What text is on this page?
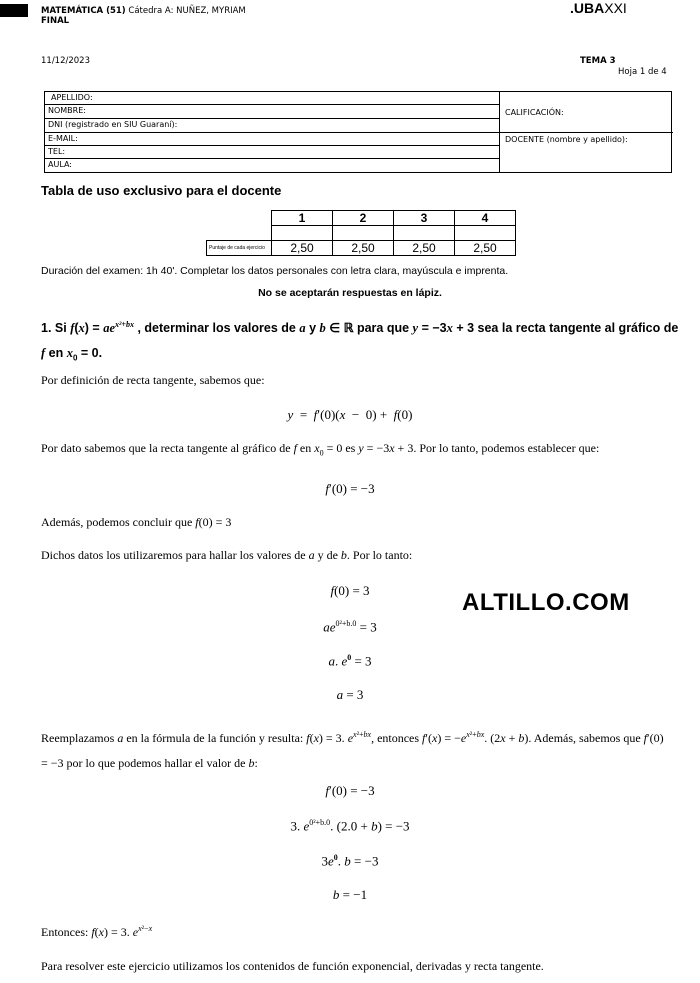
MATEMÁTICA (51) Cátedra A: NUÑEZ, MYRIAM
FINAL
.UBAXXI
11/12/2023	TEMA 3
Hoja 1 de 4
APELLIDO:
NOMBRE:
DNI (registrado en SIU Guaraní):
E-MAIL:
TEL:
AULA:
CALIFICACIÓN:
DOCENTE (nombre y apellido):
Tabla de uso exclusivo para el docente
	1	2	3	4

Puntaje de cada ejercicio	2,50	2,50	2,50	2,50
Duración del examen: 1h 40'. Completar los datos personales con letra clara, mayúscula e imprenta.
No se aceptarán respuestas en lápiz.
1. Si $f(x) = ae^{x^2+bx}$ , determinar los valores de a y b ∈ ℝ para que y = −3x + 3 sea la recta tangente al gráfico de f en $x_0 = 0$.
Por definición de recta tangente, sabemos que:
y  =  f′(0)(x  −  0) +  f(0)
Por dato sabemos que la recta tangente al gráfico de f en $x_0 = 0$ es y = −3x + 3. Por lo tanto, podemos establecer que:
f′(0) = −3
Además, podemos concluir que f(0) = 3
Dichos datos los utilizaremos para hallar los valores de a y de b. Por lo tanto:
f(0) = 3	ALTILLO.COM
$ae^{0^2+b.0} = 3$
a. $e^0 = 3$
a = 3
Reemplazamos a en la fórmula de la función y resulta: f(x) = 3. $e^{x^2+bx}$, entonces $f'(x) = -e^{x^2+bx}$. (2x + b). Además, sabemos que f′(0) = −3 por lo que podemos hallar el valor de b:
f′(0) = −3
3. $e^{0^2+b.0}$. (2.0 + b) = −3
$3e^0$. b = −3
b = −1
Entonces: f(x) = 3. $e^{x^2-x}$
Para resolver este ejercicio utilizamos los contenidos de función exponencial, derivadas y recta tangente.
